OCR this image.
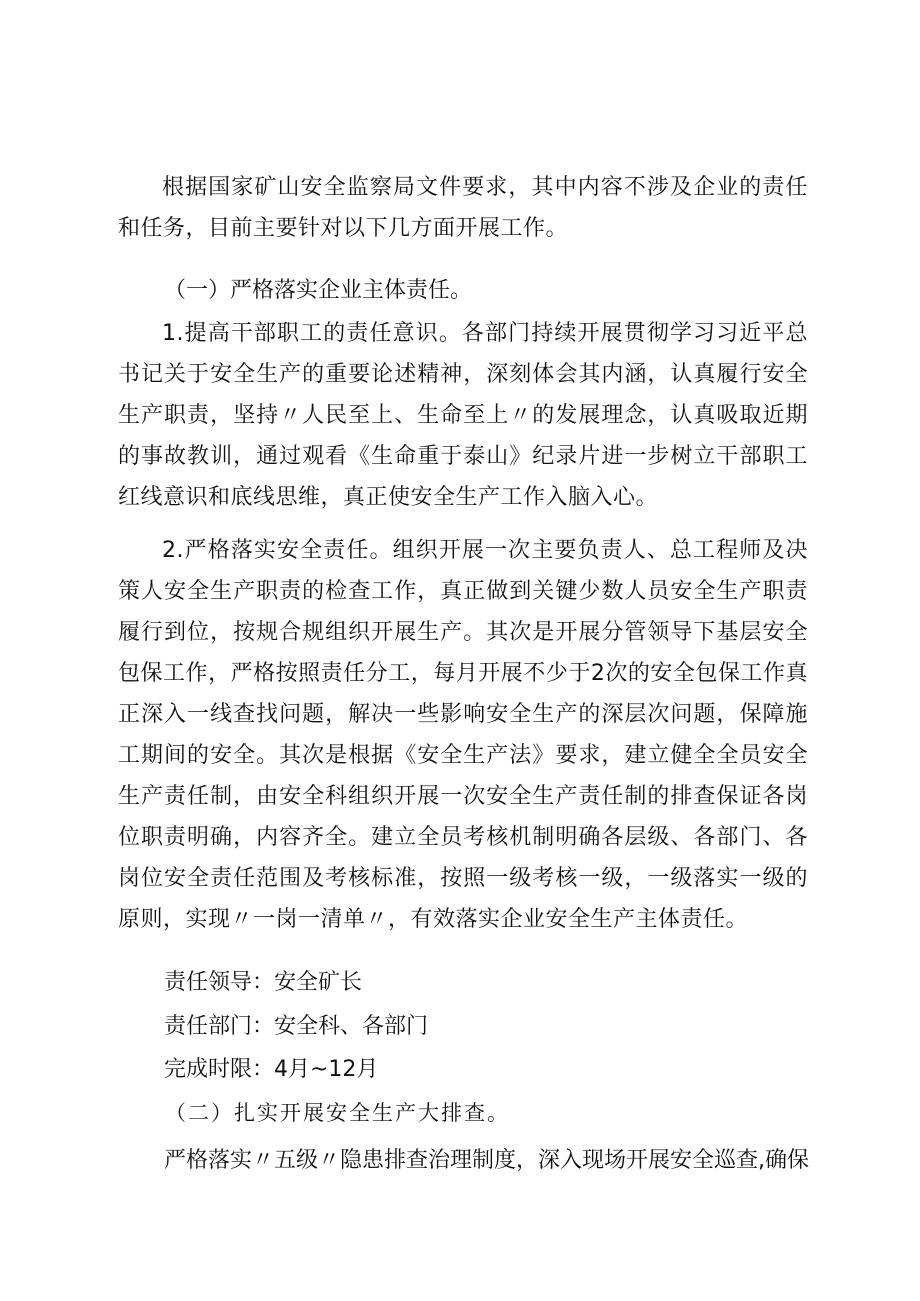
根据国家矿山安全监察局文件要求，其中内容不涉及企业的责任和任务，目前主要针对以下几方面开展工作。

（一）严格落实企业主体责任。

1.提高干部职工的责任意识。各部门持续开展贯彻学习习近平总书记关于安全生产的重要论述精神，深刻体会其内涵，认真履行安全生产职责，坚持〃人民至上、生命至上〃的发展理念，认真吸取近期的事故教训，通过观看《生命重于泰山》纪录片进一步树立干部职工红线意识和底线思维，真正使安全生产工作入脑入心。

2.严格落实安全责任。组织开展一次主要负责人、总工程师及决策人安全生产职责的检查工作，真正做到关键少数人员安全生产职责履行到位，按规合规组织开展生产。其次是开展分管领导下基层安全包保工作，严格按照责任分工，每月开展不少于2次的安全包保工作真正深入一线查找问题，解决一些影响安全生产的深层次问题，保障施工期间的安全。其次是根据《安全生产法》要求，建立健全全员安全生产责任制，由安全科组织开展一次安全生产责任制的排查保证各岗位职责明确，内容齐全。建立全员考核机制明确各层级、各部门、各岗位安全责任范围及考核标准，按照一级考核一级，一级落实一级的原则，实现〃一岗一清单〃，有效落实企业安全生产主体责任。

责任领导：安全矿长

责任部门：安全科、各部门

完成时限：4月~12月

（二）扎实开展安全生产大排查。

严格落实〃五级〃隐患排查治理制度，深入现场开展安全巡查,确保
